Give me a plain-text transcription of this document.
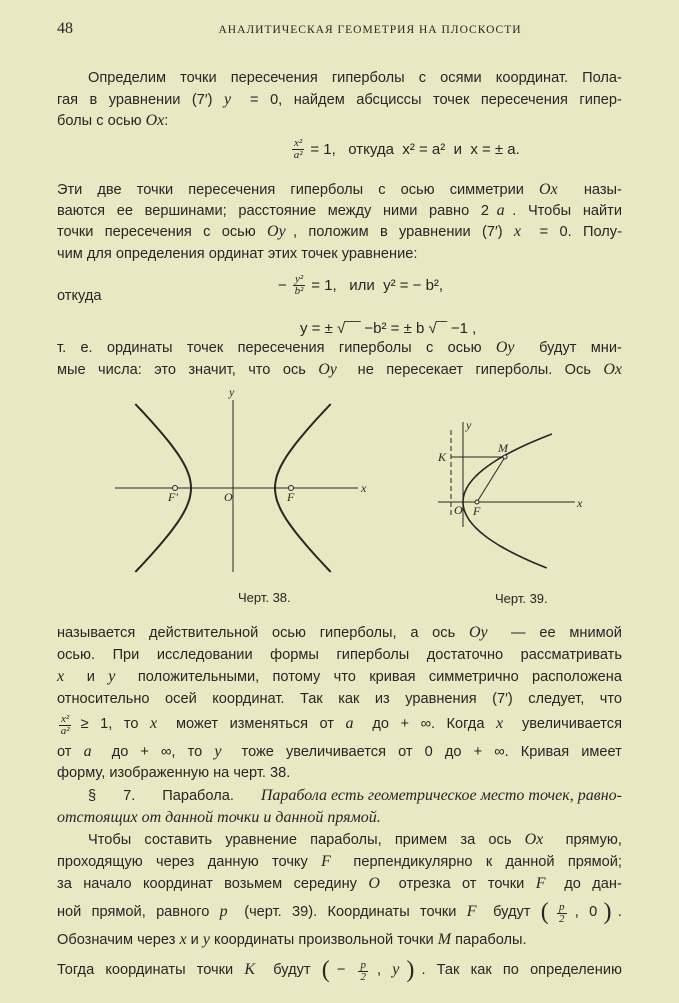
48	АНАЛИТИЧЕСКАЯ ГЕОМЕТРИЯ НА ПЛОСКОСТИ
Определим точки пересечения гиперболы с осями координат. Пола-
гая в уравнении (7′) y
= 0, найдем абсциссы точек пересечения гипер-
болы с осью Ox :
Эти две точки пересечения гиперболы с осью симметрии Ox
назы-
ваются ее вершинами; расстояние между ними равно 2 a . Чтобы найти
точки пересечения с осью Oy , положим в уравнении (7′) x
= 0. Полу-
чим для определения ординат этих точек уравнение:
откуда
т. е. ординаты точек пересечения гиперболы с осью Oy
будут мни-
мые числа: это значит, что ось Oy
не пересекает гиперболы. Ось Ox
называется действительной осью гиперболы, а ось Oy
— ее мнимой
осью. При исследовании формы гиперболы достаточно рассматривать
x
и y
положительными, потому что кривая симметрично расположена
относительно осей координат. Так как из уравнения (7′) следует, что
$\frac{\text{x²}}{\text{a²}} \ge 1$, то x
может изменяться от a
до + ∞. Когда x
увеличивается
от a
до + ∞, то y
тоже увеличивается от 0 до + ∞. Кривая имеет
форму, изображенную на черт. 38.
§ 7. Парабола. Парабола есть геометрическое место точек, равно-
отстоящих от данной точки и данной прямой.
Чтобы составить уравнение параболы, примем за ось Ox
прямую,
проходящую через данную точку F
перпендикулярно к данной прямой;
за начало координат возьмем середину O
отрезка от точки F
до дан-
ной прямой, равного p
(черт. 39). Координаты точки F
будут ( $\frac{p}{2}$ , 0 ) .
Обозначим через x
и y
координаты произвольной точки M
параболы.
Тогда координаты точки K
будут ( − $\frac{p}{2}$ , y ) . Так как по определению
$\frac{\text{x²}}{\text{a²}} = 1$,   откуда  x² = a²  и  x = ± a.
− $\frac{\text{y²}}{\text{b²}} = 1$,   или  y² = − b²,
y = ± √‾‾‾ −b² = ± b √‾‾ −1 ,
y
x
O
F′	F
y
x
O F
M
K
Черт. 38.	Черт. 39.
